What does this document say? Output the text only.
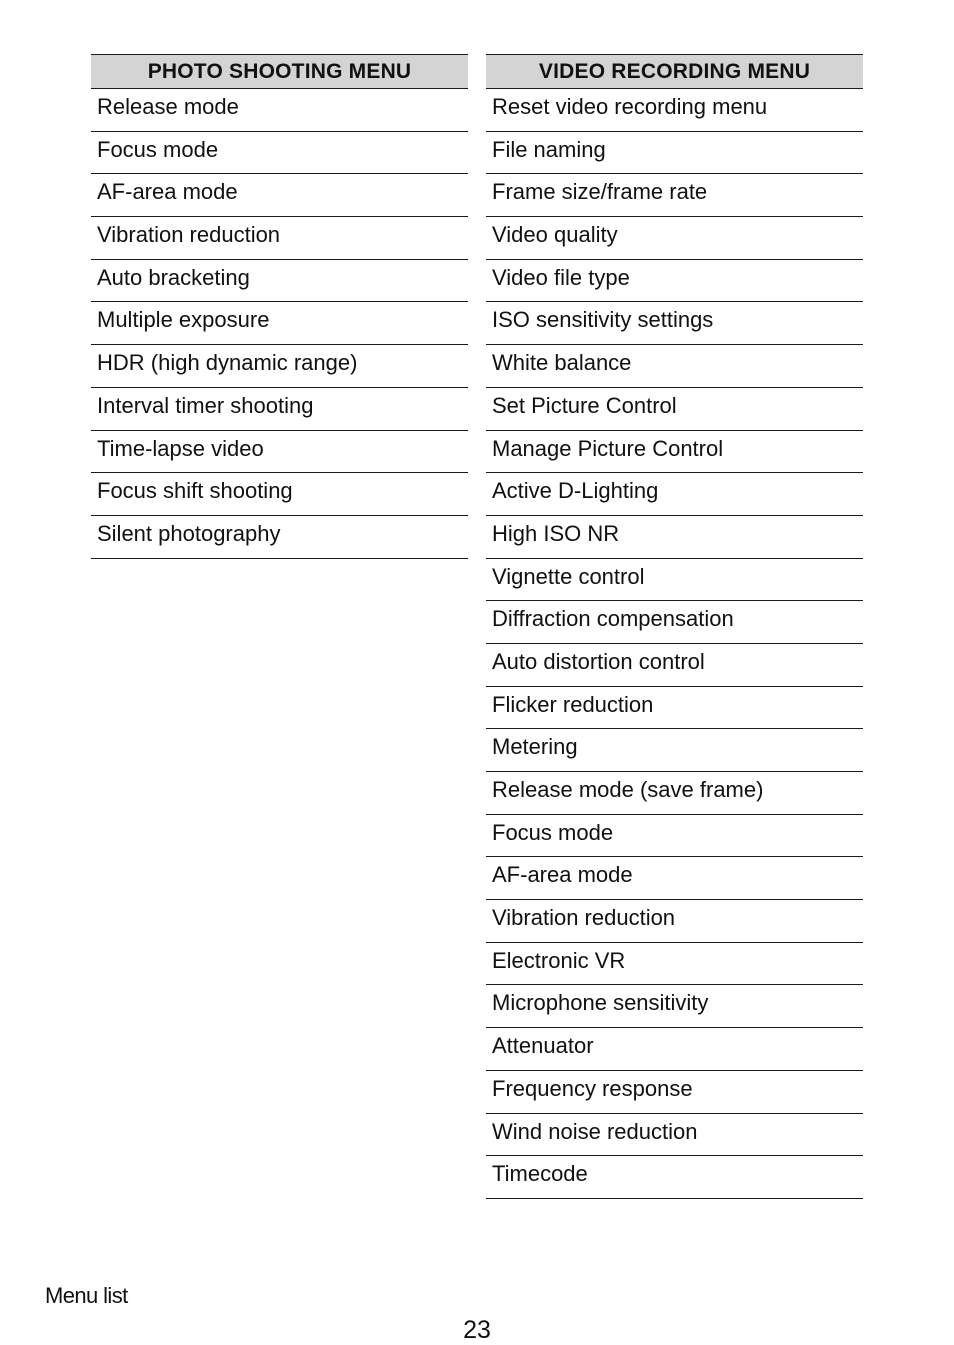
PHOTO SHOOTING MENU
Release mode
Focus mode
AF-area mode
Vibration reduction
Auto bracketing
Multiple exposure
HDR (high dynamic range)
Interval timer shooting
Time-lapse video
Focus shift shooting
Silent photography
VIDEO RECORDING MENU
Reset video recording menu
File naming
Frame size/frame rate
Video quality
Video file type
ISO sensitivity settings
White balance
Set Picture Control
Manage Picture Control
Active D-Lighting
High ISO NR
Vignette control
Diffraction compensation
Auto distortion control
Flicker reduction
Metering
Release mode (save frame)
Focus mode
AF-area mode
Vibration reduction
Electronic VR
Microphone sensitivity
Attenuator
Frequency response
Wind noise reduction
Timecode
Menu list
23
